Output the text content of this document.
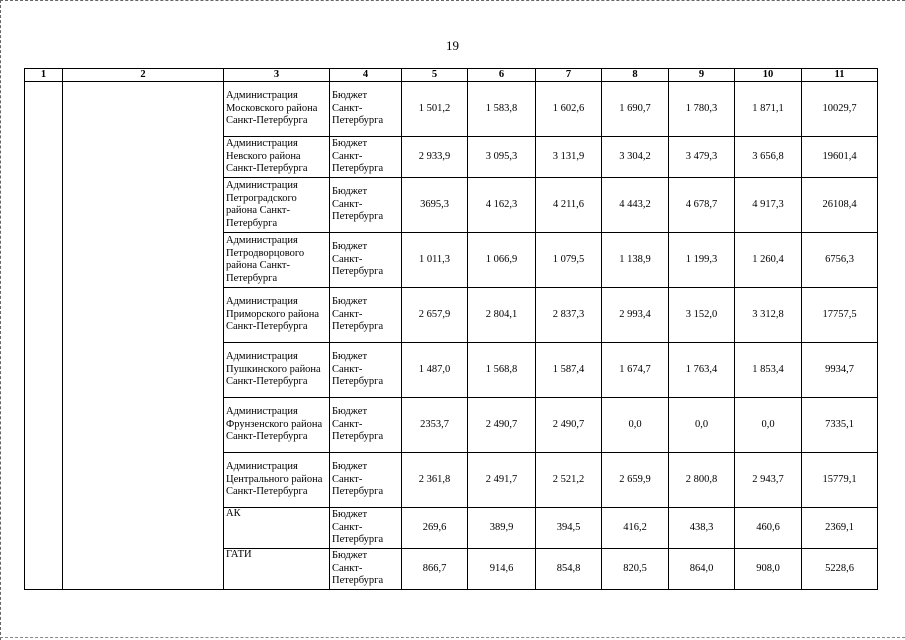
19
1	2	3	4	5	6	7	8	9	10	11
		Администрация Московского района Санкт-Петербурга	Бюджет Санкт-Петербурга	1 501,2	1 583,8	1 602,6	1 690,7	1 780,3	1 871,1	10029,7
		Администрация Невского района Санкт-Петербурга	Бюджет Санкт-Петербурга	2 933,9	3 095,3	3 131,9	3 304,2	3 479,3	3 656,8	19601,4
		Администрация Петроградского района Санкт-Петербурга	Бюджет Санкт-Петербурга	3695,3	4 162,3	4 211,6	4 443,2	4 678,7	4 917,3	26108,4
		Администрация Петродворцового района Санкт-Петербурга	Бюджет Санкт-Петербурга	1 011,3	1 066,9	1 079,5	1 138,9	1 199,3	1 260,4	6756,3
		Администрация Приморского района Санкт-Петербурга	Бюджет Санкт-Петербурга	2 657,9	2 804,1	2 837,3	2 993,4	3 152,0	3 312,8	17757,5
		Администрация Пушкинского района Санкт-Петербурга	Бюджет Санкт-Петербурга	1 487,0	1 568,8	1 587,4	1 674,7	1 763,4	1 853,4	9934,7
		Администрация Фрунзенского района Санкт-Петербурга	Бюджет Санкт-Петербурга	2353,7	2 490,7	2 490,7	0,0	0,0	0,0	7335,1
		Администрация Центрального района Санкт-Петербурга	Бюджет Санкт-Петербурга	2 361,8	2 491,7	2 521,2	2 659,9	2 800,8	2 943,7	15779,1
		АК	Бюджет Санкт-Петербурга	269,6	389,9	394,5	416,2	438,3	460,6	2369,1
		ГАТИ	Бюджет Санкт-Петербурга	866,7	914,6	854,8	820,5	864,0	908,0	5228,6
